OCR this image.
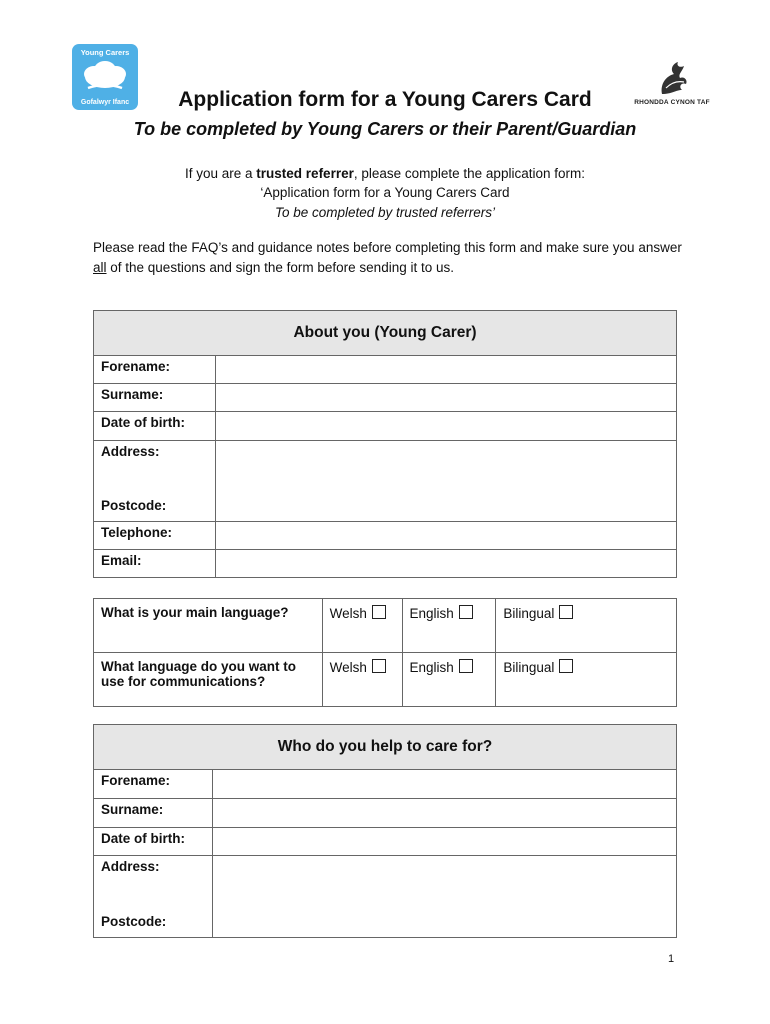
Young Carers
Gofalwyr Ifanc	RHONDDA CYNON TAF
Application form for a Young Carers Card
To be completed by Young Carers or their Parent/Guardian
If you are a trusted referrer, please complete the application form:
‘Application form for a Young Carers Card
To be completed by trusted referrers’
Please read the FAQ’s and guidance notes before completing this form and make sure you answer all of the questions and sign the form before sending it to us.
About you (Young Carer)	
Forename:	

Surname:	

Date of birth:	

Address:
Postcode:

Telephone:	

Email:	
What is your main language?	Welsh	English	Bilingual
What language do you want to use for communications?	Welsh	English	Bilingual
Who do you help to care for?	
Forename:	

Surname:	

Date of birth:	

Address:
Postcode:

1
